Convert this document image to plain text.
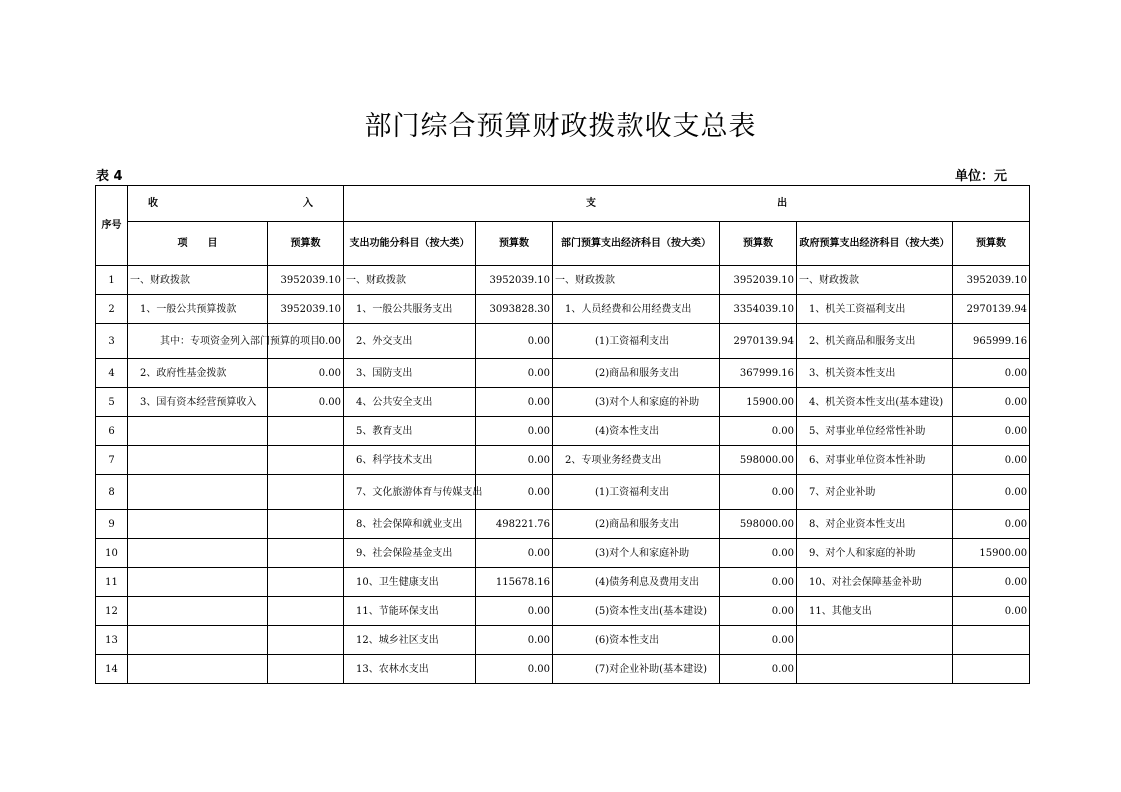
部门综合预算财政拨款收支总表
表 4	单位：元
序号	收 入		支 出					

	项　　目	预算数	支出功能分科目（按大类）	预算数	部门预算支出经济科目（按大类）	预算数	政府预算支出经济科目（按大类）	预算数
1	一、财政拨款	3952039.10	一、财政拨款	3952039.10	一、财政拨款	3952039.10	一、财政拨款	3952039.10
2	　1、一般公共预算拨款	3952039.10	　1、一般公共服务支出	3093828.30	　1、人员经费和公用经费支出	3354039.10	　1、机关工资福利支出	2970139.94
3	　　　其中：专项资金列入部门预算的项目	0.00	　2、外交支出	0.00	　　　　(1)工资福利支出	2970139.94	　2、机关商品和服务支出	965999.16
4	　2、政府性基金拨款	0.00	　3、国防支出	0.00	　　　　(2)商品和服务支出	367999.16	　3、机关资本性支出	0.00
5	　3、国有资本经营预算收入	0.00	　4、公共安全支出	0.00	　　　　(3)对个人和家庭的补助	15900.00	　4、机关资本性支出(基本建设)	0.00
6			　5、教育支出	0.00	　　　　(4)资本性支出	0.00	　5、对事业单位经常性补助	0.00
7			　6、科学技术支出	0.00	　2、专项业务经费支出	598000.00	　6、对事业单位资本性补助	0.00
8			　7、文化旅游体育与传媒支出	0.00	　　　　(1)工资福利支出	0.00	　7、对企业补助	0.00
9			　8、社会保障和就业支出	498221.76	　　　　(2)商品和服务支出	598000.00	　8、对企业资本性支出	0.00
10			　9、社会保险基金支出	0.00	　　　　(3)对个人和家庭补助	0.00	　9、对个人和家庭的补助	15900.00
11			　10、卫生健康支出	115678.16	　　　　(4)债务利息及费用支出	0.00	　10、对社会保障基金补助	0.00
12			　11、节能环保支出	0.00	　　　　(5)资本性支出(基本建设)	0.00	　11、其他支出	0.00
13			　12、城乡社区支出	0.00	　　　　(6)资本性支出	0.00		
14			　13、农林水支出	0.00	　　　　(7)对企业补助(基本建设)	0.00		
